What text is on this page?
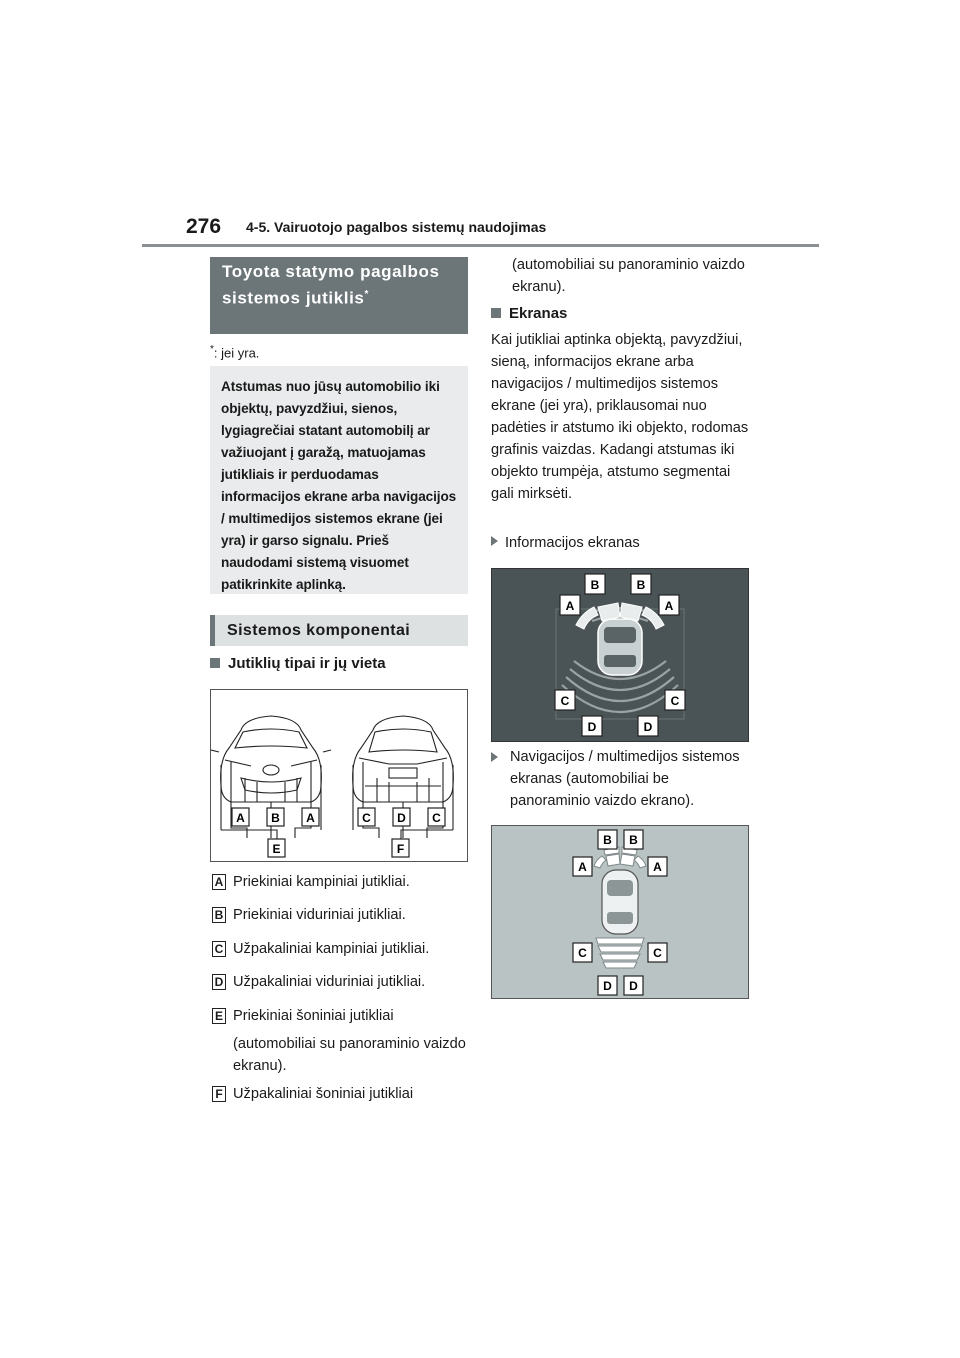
276 4-5. Vairuotojo pagalbos sistemų naudojimas
Toyota statymo pagalbos sistemos jutiklis*
*: jei yra.
Atstumas nuo jūsų automobilio iki objektų, pavyzdžiui, sienos, lygiagrečiai statant automobilį ar važiuojant į garažą, matuojamas jutikliais ir perduodamas informacijos ekrane arba navigacijos / multimedijos sistemos ekrane (jei yra) ir garso signalu. Prieš naudodami sistemą visuomet patikrinkite aplinką.
Sistemos komponentai
Jutiklių tipai ir jų vieta
A B A	C D C
E	F
A Priekiniai kampiniai jutikliai.
B Priekiniai viduriniai jutikliai.
C Užpakaliniai kampiniai jutikliai.
D Užpakaliniai viduriniai jutikliai.
E Priekiniai šoniniai jutikliai
(automobiliai su panoraminio vaizdo ekranu).
F Užpakaliniai šoniniai jutikliai
(automobiliai su panoraminio vaizdo ekranu).
Ekranas
Kai jutikliai aptinka objektą, pavyzdžiui, sieną, informacijos ekrane arba navigacijos / multimedijos sistemos ekrane (jei yra), priklausomai nuo padėties ir atstumo iki objekto, rodomas grafinis vaizdas. Kadangi atstumas iki objekto trumpėja, atstumo segmentai gali mirksėti.
Informacijos ekranas
B	B
A	A
C	C
D	D
Navigacijos / multimedijos sistemos ekranas (automobiliai be panoraminio vaizdo ekrano).
B B
A	A
C	C
D D
